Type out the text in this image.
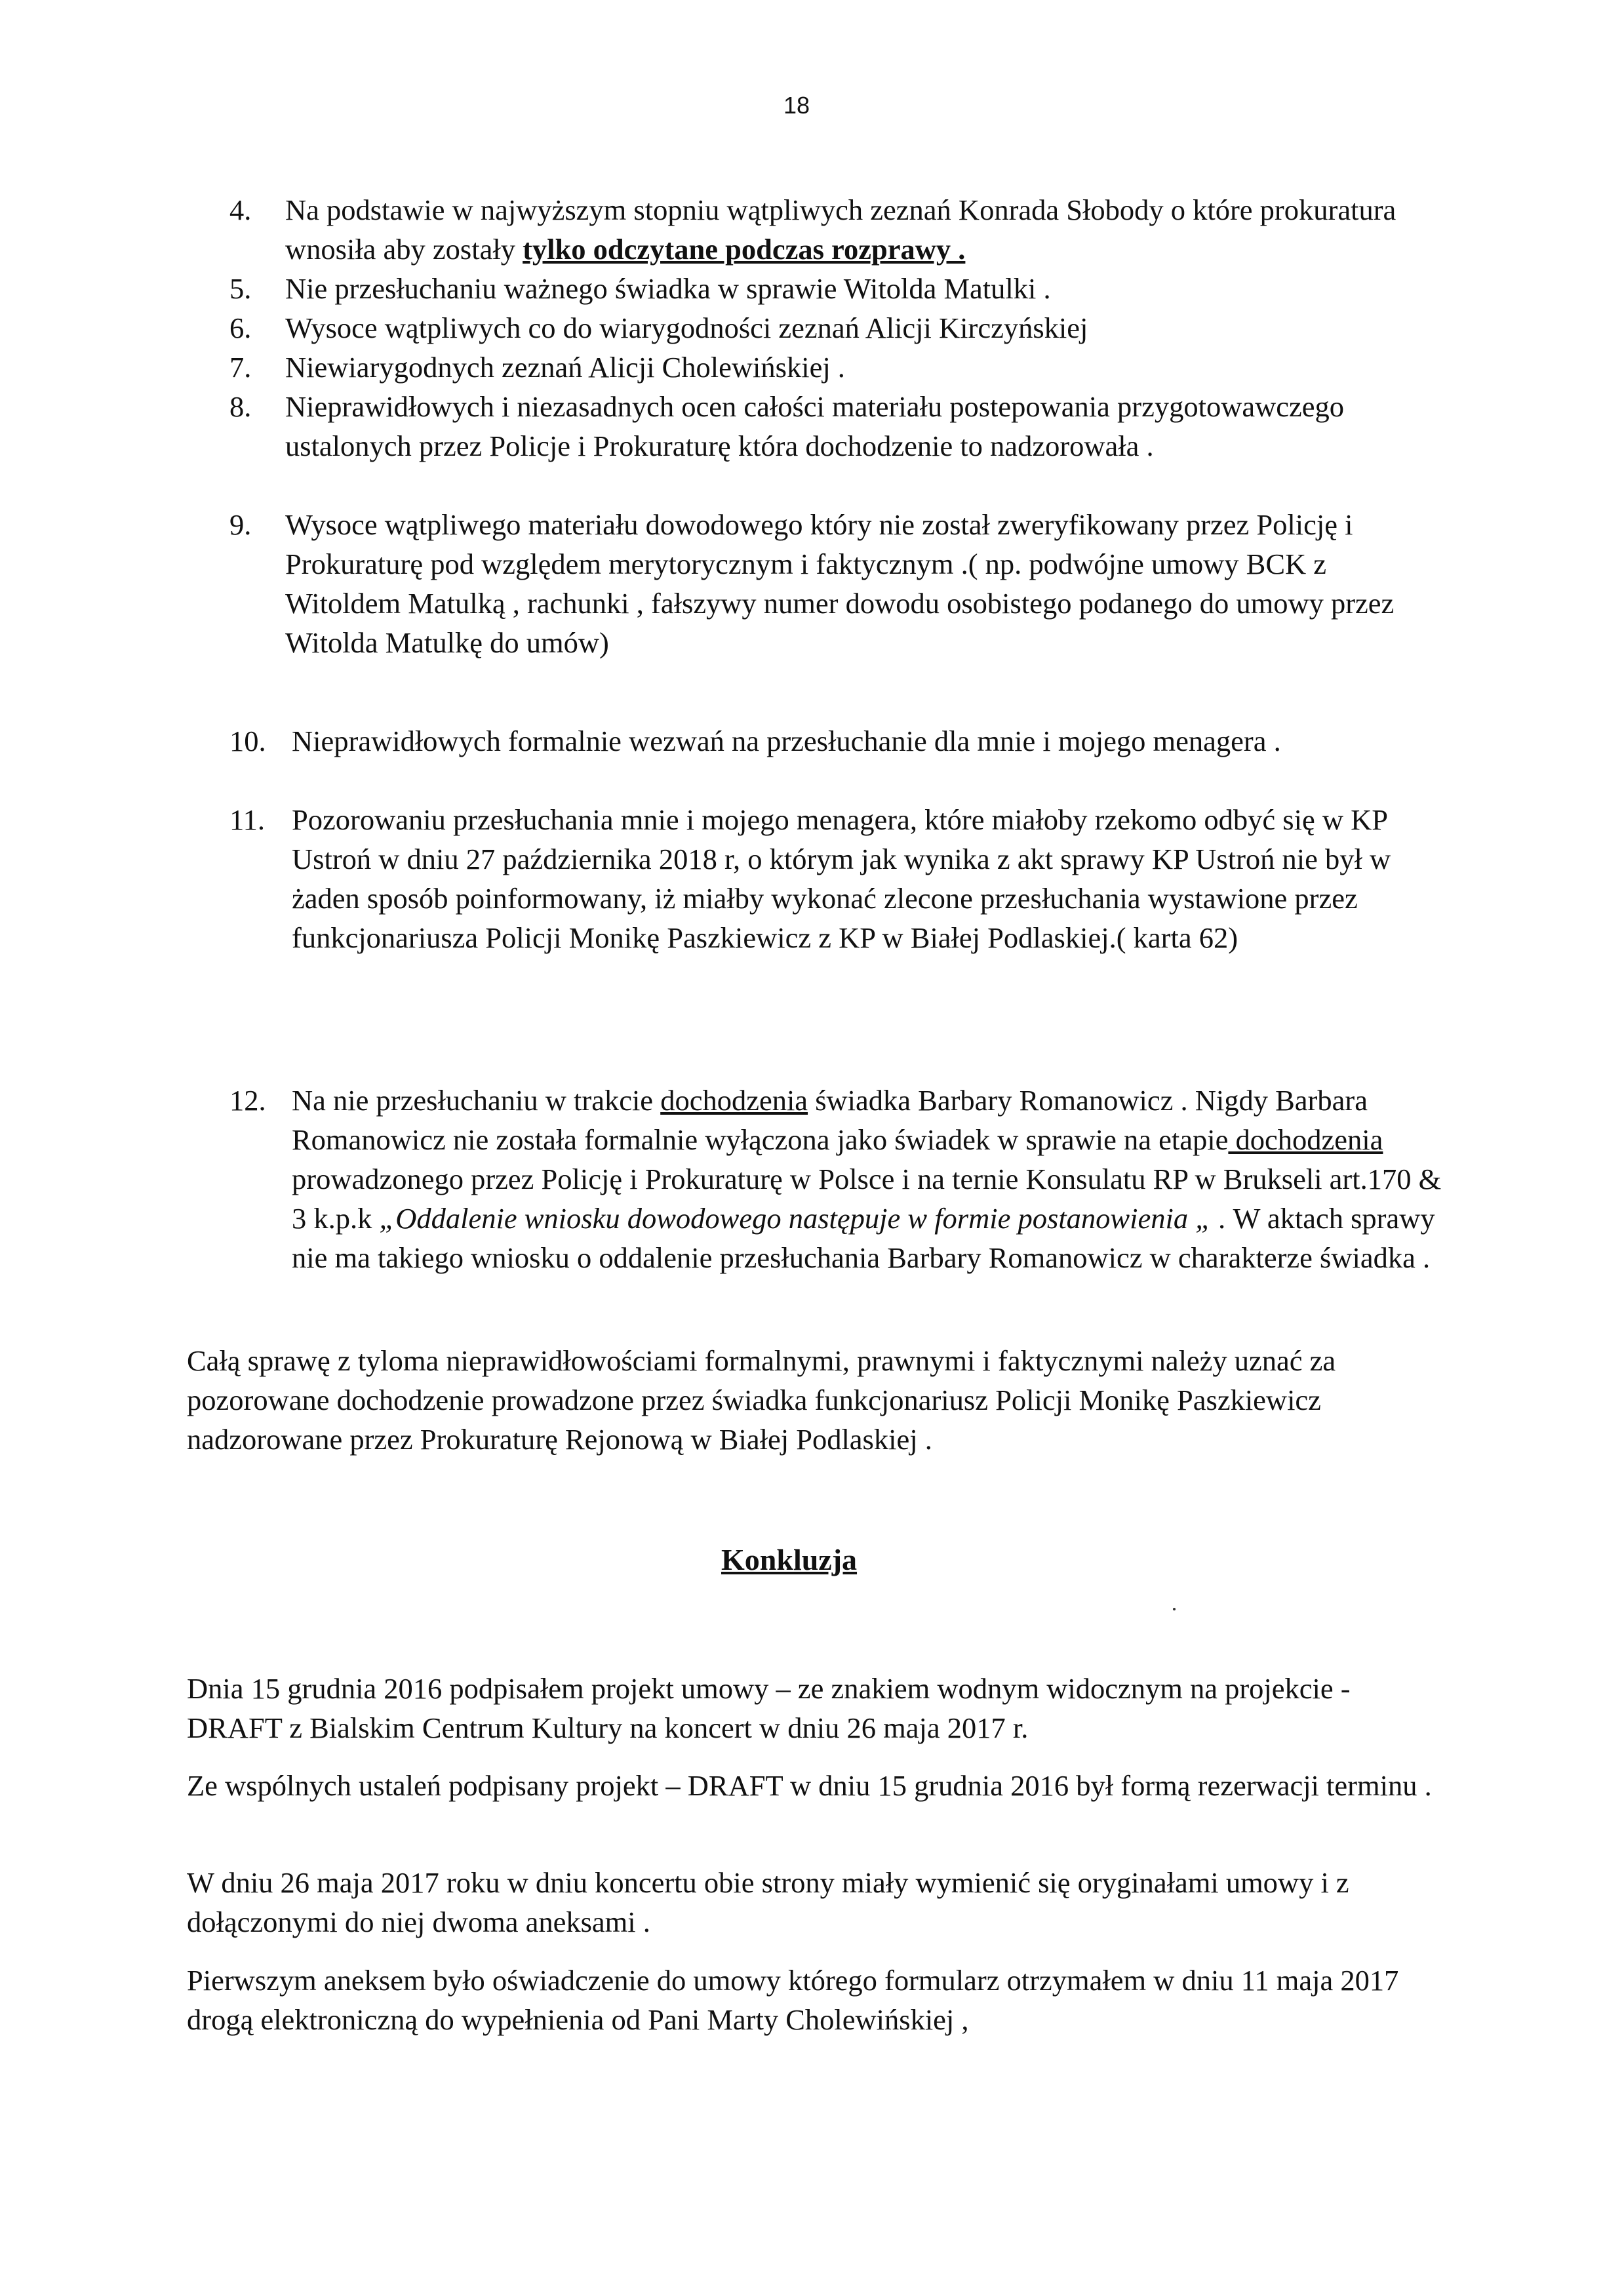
18
4.	Na podstawie w najwyższym stopniu wątpliwych zeznań Konrada Słobody o które prokuratura wnosiła aby zostały tylko odczytane podczas rozprawy .
5.	Nie przesłuchaniu ważnego świadka w sprawie Witolda Matulki .
6.	Wysoce wątpliwych co do wiarygodności zeznań Alicji Kirczyńskiej
7.	Niewiarygodnych zeznań Alicji Cholewińskiej .
8.	Nieprawidłowych i niezasadnych ocen całości materiału postepowania przygotowawczego ustalonych przez Policje i Prokuraturę która dochodzenie to nadzorowała .
9.	Wysoce wątpliwego materiału dowodowego który nie został zweryfikowany przez Policję i Prokuraturę pod względem merytorycznym i faktycznym .( np. podwójne umowy BCK z Witoldem Matulką , rachunki , fałszywy numer dowodu osobistego podanego do umowy przez Witolda Matulkę do umów)
10. Nieprawidłowych formalnie wezwań na przesłuchanie dla mnie i mojego menagera .
11. Pozorowaniu przesłuchania mnie i mojego menagera, które miałoby rzekomo odbyć się w KP Ustroń w dniu 27 października 2018 r, o którym jak wynika z akt sprawy KP Ustroń nie był w żaden sposób poinformowany, iż miałby wykonać zlecone przesłuchania wystawione przez funkcjonariusza Policji Monikę Paszkiewicz z KP w Białej Podlaskiej.( karta 62)
12. Na nie przesłuchaniu w trakcie dochodzenia świadka Barbary Romanowicz . Nigdy Barbara Romanowicz nie została formalnie wyłączona jako świadek w sprawie na etapie dochodzenia prowadzonego przez Policję i Prokuraturę w Polsce i na ternie Konsulatu RP w Brukseli art.170 & 3 k.p.k „Oddalenie wniosku dowodowego następuje w formie postanowienia „ . W aktach sprawy nie ma takiego wniosku o oddalenie przesłuchania Barbary Romanowicz w charakterze świadka .
Całą sprawę z tyloma nieprawidłowościami formalnymi, prawnymi i faktycznymi należy uznać za pozorowane dochodzenie prowadzone przez świadka funkcjonariusz Policji Monikę Paszkiewicz nadzorowane przez Prokuraturę Rejonową w Białej Podlaskiej .
Konkluzja
Dnia 15 grudnia 2016 podpisałem projekt umowy – ze znakiem wodnym widocznym na projekcie - DRAFT z Bialskim Centrum Kultury na koncert w dniu 26 maja 2017 r.
Ze wspólnych ustaleń podpisany projekt – DRAFT w dniu 15 grudnia 2016 był formą rezerwacji terminu .
W dniu 26 maja 2017 roku w dniu koncertu obie strony miały wymienić się oryginałami umowy i z dołączonymi do niej dwoma aneksami .
Pierwszym aneksem było oświadczenie do umowy którego formularz otrzymałem w dniu 11 maja 2017 drogą elektroniczną do wypełnienia od Pani Marty Cholewińskiej ,
